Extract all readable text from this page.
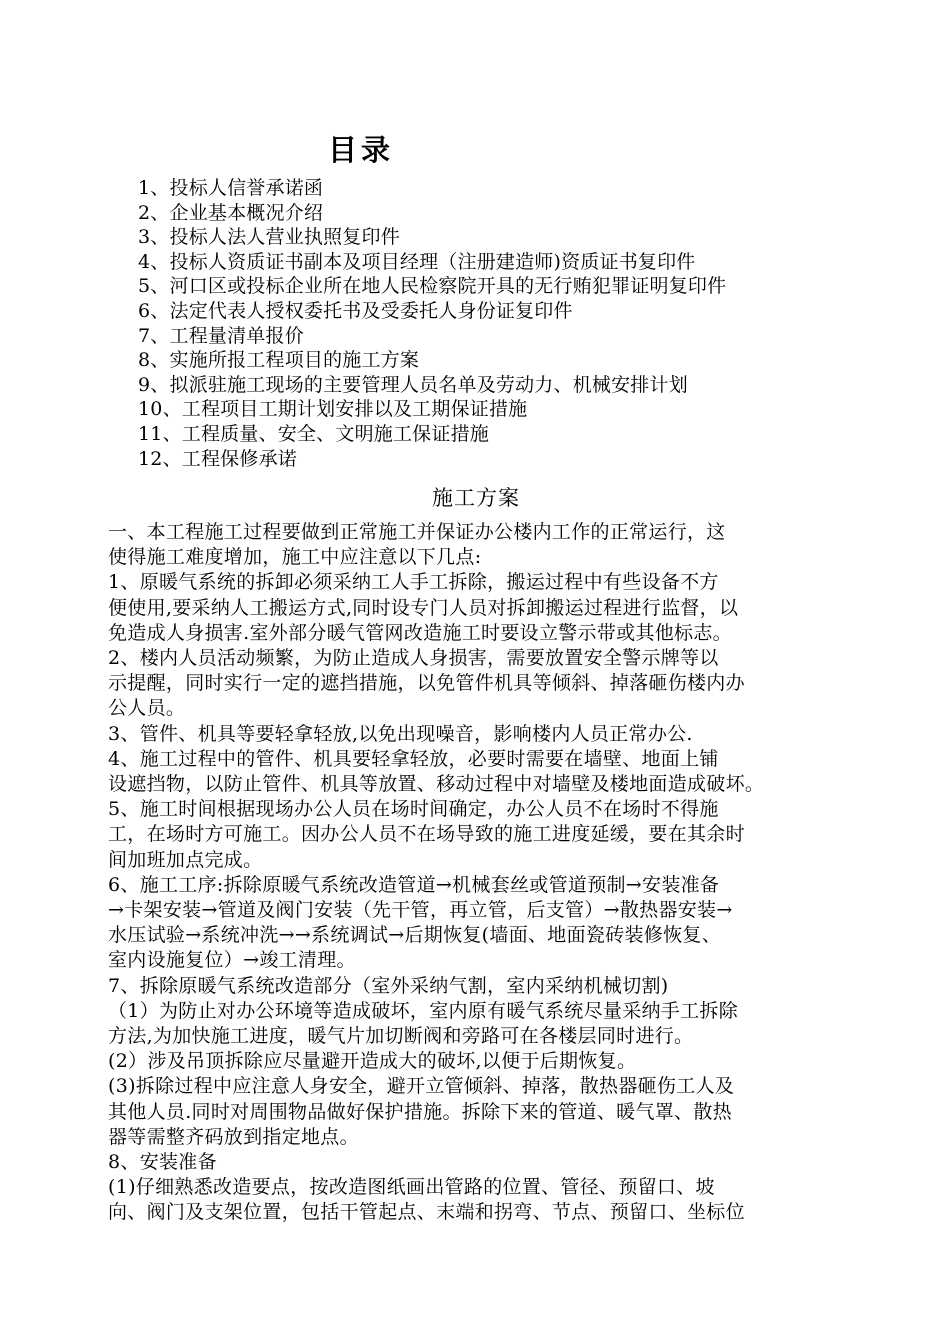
目录
1、投标人信誉承诺函
2、企业基本概况介绍
3、投标人法人营业执照复印件
4、投标人资质证书副本及项目经理（注册建造师)资质证书复印件
5、河口区或投标企业所在地人民检察院开具的无行贿犯罪证明复印件
6、法定代表人授权委托书及受委托人身份证复印件
7、工程量清单报价
8、实施所报工程项目的施工方案
9、拟派驻施工现场的主要管理人员名单及劳动力、机械安排计划
10、工程项目工期计划安排以及工期保证措施
11、工程质量、安全、文明施工保证措施
12、工程保修承诺
施工方案

一、本工程施工过程要做到正常施工并保证办公楼内工作的正常运行，这

使得施工难度增加，施工中应注意以下几点:

1、原暖气系统的拆卸必须采纳工人手工拆除，搬运过程中有些设备不方

便使用,要采纳人工搬运方式,同时设专门人员对拆卸搬运过程进行监督，以

免造成人身损害.室外部分暖气管网改造施工时要设立警示带或其他标志。

2、楼内人员活动频繁，为防止造成人身损害，需要放置安全警示牌等以

示提醒，同时实行一定的遮挡措施，以免管件机具等倾斜、掉落砸伤楼内办

公人员。

3、管件、机具等要轻拿轻放,以免出现噪音，影响楼内人员正常办公.

4、施工过程中的管件、机具要轻拿轻放，必要时需要在墙壁、地面上铺

设遮挡物，以防止管件、机具等放置、移动过程中对墙壁及楼地面造成破坏。

5、施工时间根据现场办公人员在场时间确定，办公人员不在场时不得施

工，在场时方可施工。因办公人员不在场导致的施工进度延缓，要在其余时

间加班加点完成。

6、施工工序:拆除原暖气系统改造管道→机械套丝或管道预制→安装准备

→卡架安装→管道及阀门安装（先干管，再立管，后支管）→散热器安装→

水压试验→系统冲洗→→系统调试→后期恢复(墙面、地面瓷砖装修恢复、

室内设施复位）→竣工清理。

7、拆除原暖气系统改造部分（室外采纳气割，室内采纳机械切割)

（1）为防止对办公环境等造成破坏，室内原有暖气系统尽量采纳手工拆除

方法,为加快施工进度，暖气片加切断阀和旁路可在各楼层同时进行。

(2）涉及吊顶拆除应尽量避开造成大的破坏,以便于后期恢复。

(3)拆除过程中应注意人身安全，避开立管倾斜、掉落，散热器砸伤工人及

其他人员.同时对周围物品做好保护措施。拆除下来的管道、暖气罩、散热

器等需整齐码放到指定地点。

8、安装准备

(1)仔细熟悉改造要点，按改造图纸画出管路的位置、管径、预留口、坡

向、阀门及支架位置，包括干管起点、末端和拐弯、节点、预留口、坐标位
